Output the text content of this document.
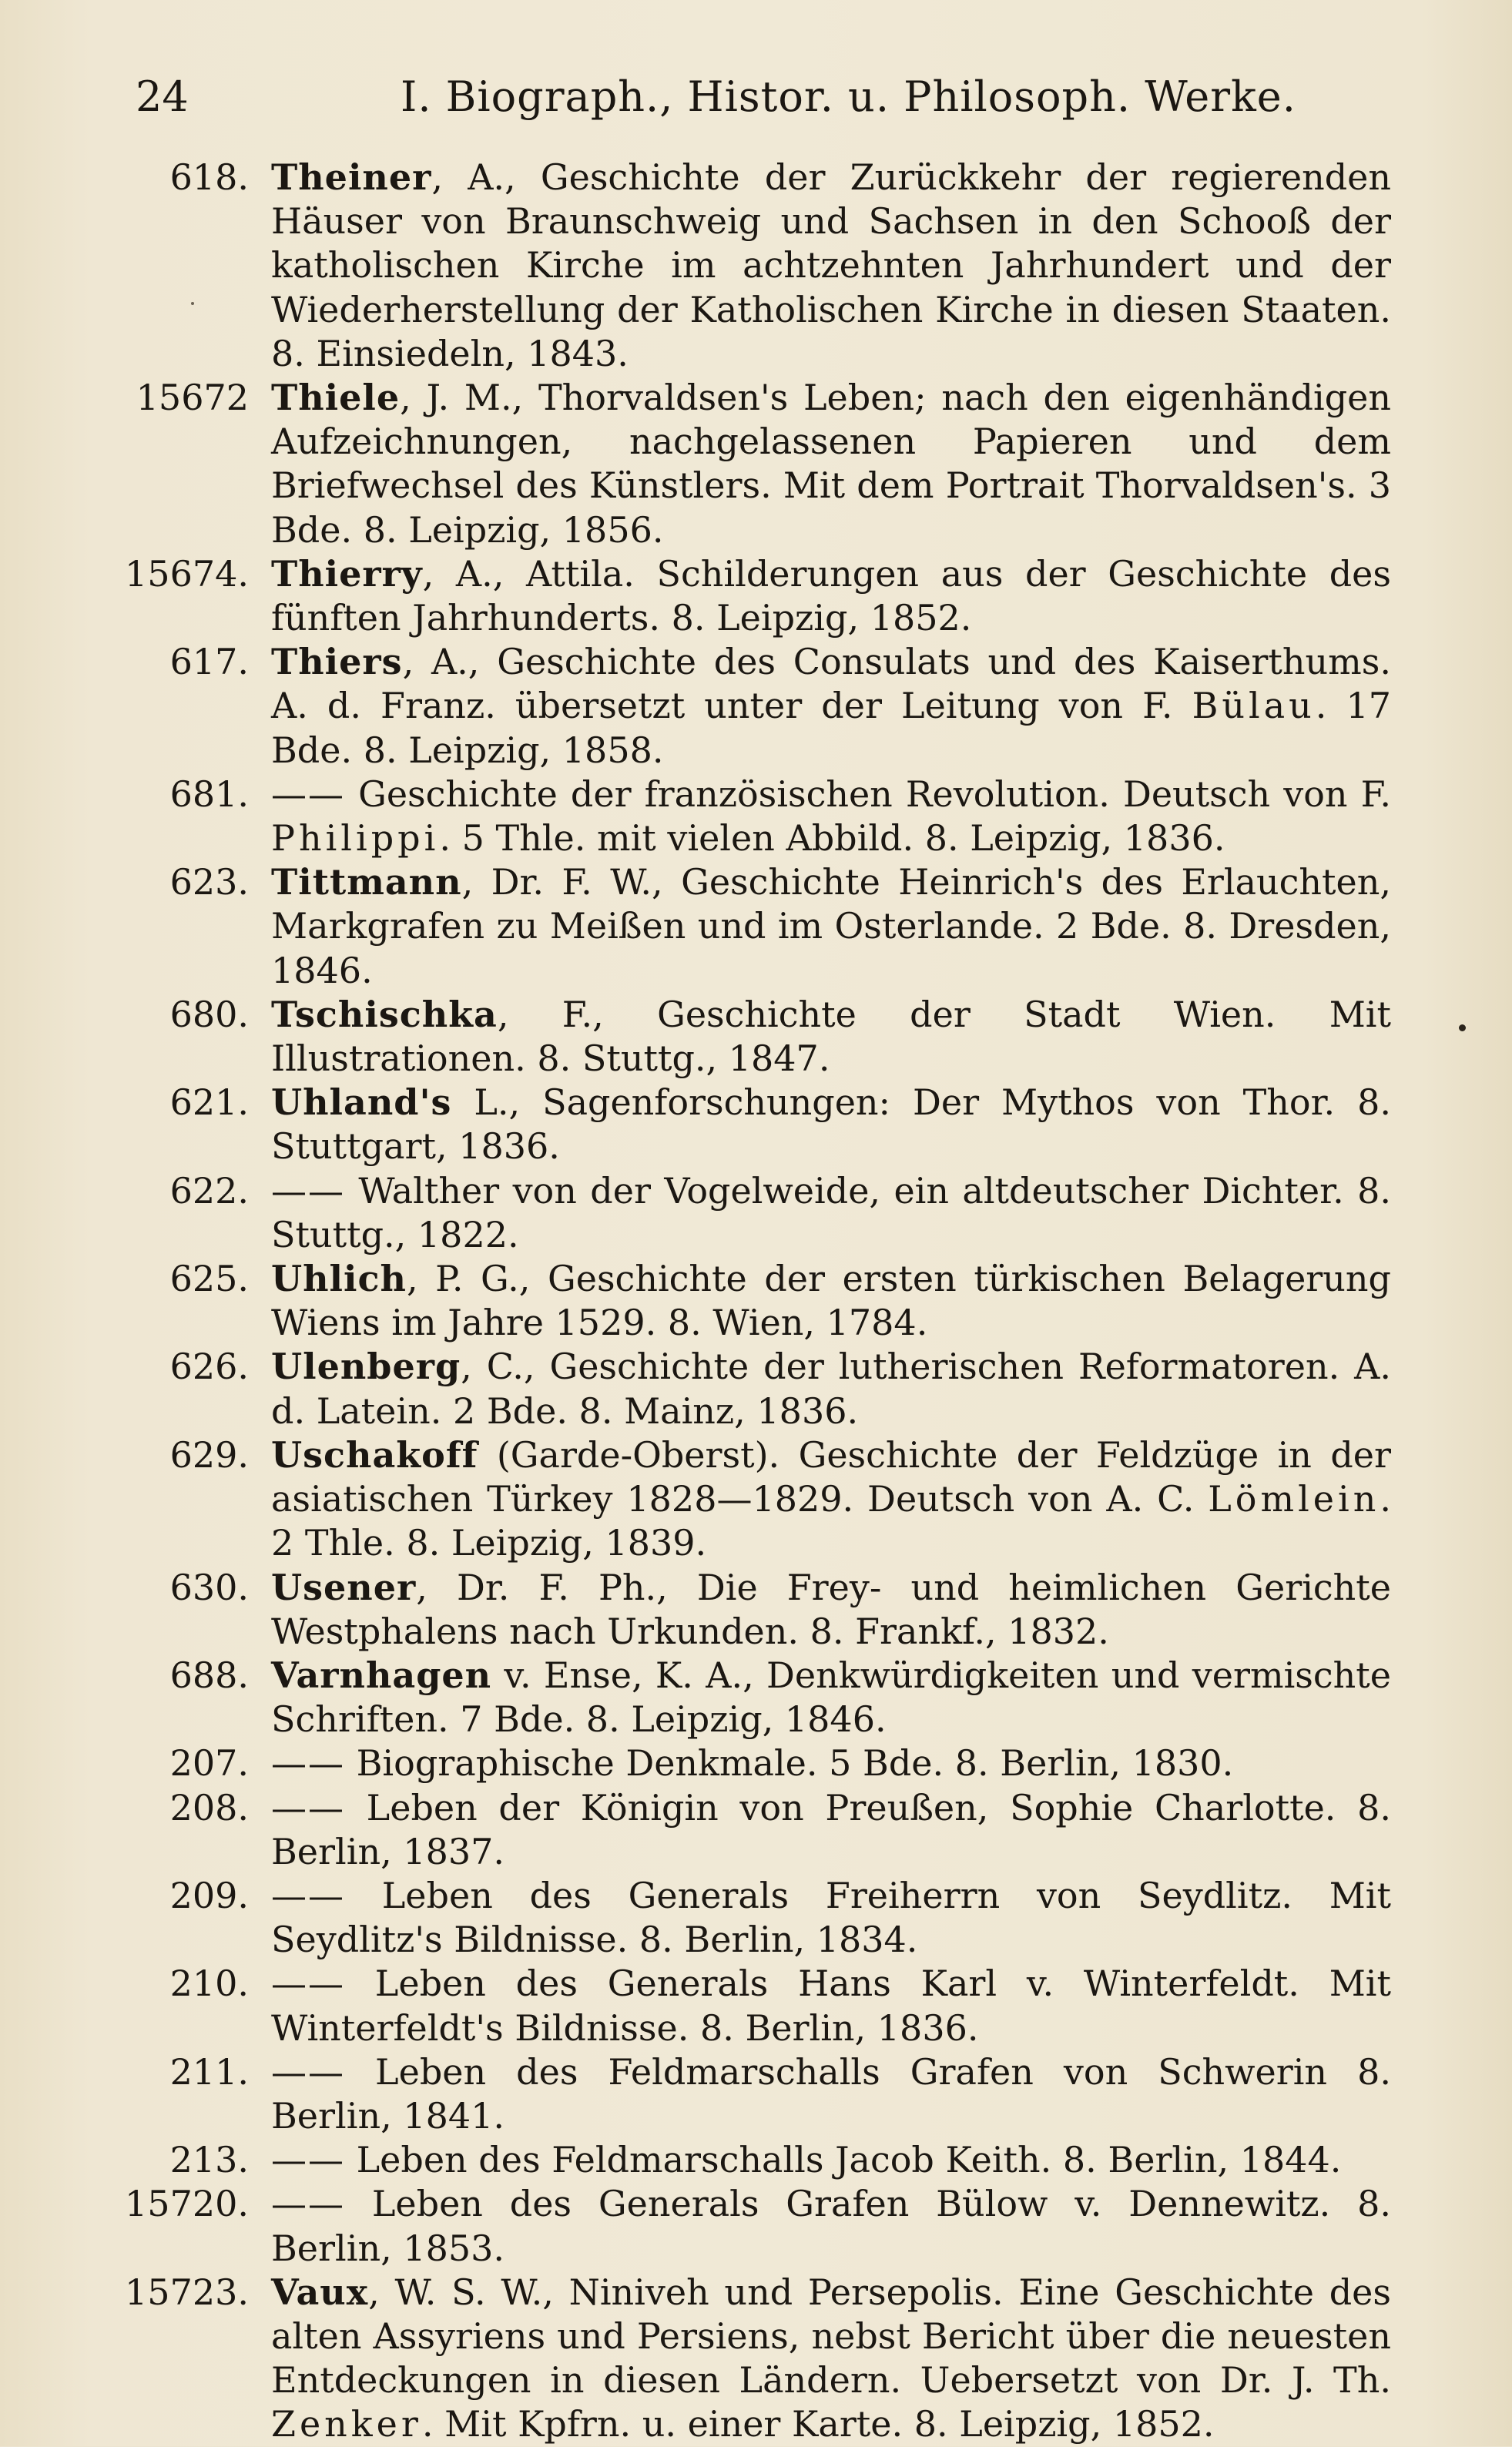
24	I. Biograph., Histor. u. Philosoph. Werke.
618. Theiner, A., Geschichte der Zurückkehr der regierenden Häuser von Braunschweig und Sachsen in den Schooß der katholischen Kirche im achtzehnten Jahrhundert und der Wiederherstellung der Katholischen Kirche in diesen Staaten. 8. Einsiedeln, 1843.
15672 Thiele, J. M., Thorvaldsen's Leben; nach den eigenhändigen Aufzeichnungen, nachgelassenen Papieren und dem Briefwechsel des Künstlers. Mit dem Portrait Thorvaldsen's. 3 Bde. 8. Leipzig, 1856.
15674. Thierry, A., Attila. Schilderungen aus der Geschichte des fünften Jahrhunderts. 8. Leipzig, 1852.
617. Thiers, A., Geschichte des Consulats und des Kaiserthums. A. d. Franz. übersetzt unter der Leitung von F. Bülau. 17 Bde. 8. Leipzig, 1858.
681. —— Geschichte der französischen Revolution. Deutsch von F. Philippi. 5 Thle. mit vielen Abbild. 8. Leipzig, 1836.
623. Tittmann, Dr. F. W., Geschichte Heinrich's des Erlauchten, Markgrafen zu Meißen und im Osterlande. 2 Bde. 8. Dresden, 1846.
680. Tschischka, F., Geschichte der Stadt Wien. Mit Illustrationen. 8. Stuttg., 1847.
621. Uhland's L., Sagenforschungen: Der Mythos von Thor. 8. Stuttgart, 1836.
622. —— Walther von der Vogelweide, ein altdeutscher Dichter. 8. Stuttg., 1822.
625. Uhlich, P. G., Geschichte der ersten türkischen Belagerung Wiens im Jahre 1529. 8. Wien, 1784.
626. Ulenberg, C., Geschichte der lutherischen Reformatoren. A. d. Latein. 2 Bde. 8. Mainz, 1836.
629. Uschakoff (Garde-Oberst). Geschichte der Feldzüge in der asiatischen Türkey 1828—1829. Deutsch von A. C. Lömlein. 2 Thle. 8. Leipzig, 1839.
630. Usener, Dr. F. Ph., Die Frey- und heimlichen Gerichte Westphalens nach Urkunden. 8. Frankf., 1832.
688. Varnhagen v. Ense, K. A., Denkwürdigkeiten und vermischte Schriften. 7 Bde. 8. Leipzig, 1846.
207. —— Biographische Denkmale. 5 Bde. 8. Berlin, 1830.
208. —— Leben der Königin von Preußen, Sophie Charlotte. 8. Berlin, 1837.
209. —— Leben des Generals Freiherrn von Seydlitz. Mit Seydlitz's Bildnisse. 8. Berlin, 1834.
210. —— Leben des Generals Hans Karl v. Winterfeldt. Mit Winterfeldt's Bildnisse. 8. Berlin, 1836.
211. —— Leben des Feldmarschalls Grafen von Schwerin 8. Berlin, 1841.
213. —— Leben des Feldmarschalls Jacob Keith. 8. Berlin, 1844.
15720. —— Leben des Generals Grafen Bülow v. Dennewitz. 8. Berlin, 1853.
15723. Vaux, W. S. W., Niniveh und Persepolis. Eine Geschichte des alten Assyriens und Persiens, nebst Bericht über die neuesten Entdeckungen in diesen Ländern. Uebersetzt von Dr. J. Th. Zenker. Mit Kpfrn. u. einer Karte. 8. Leipzig, 1852.
